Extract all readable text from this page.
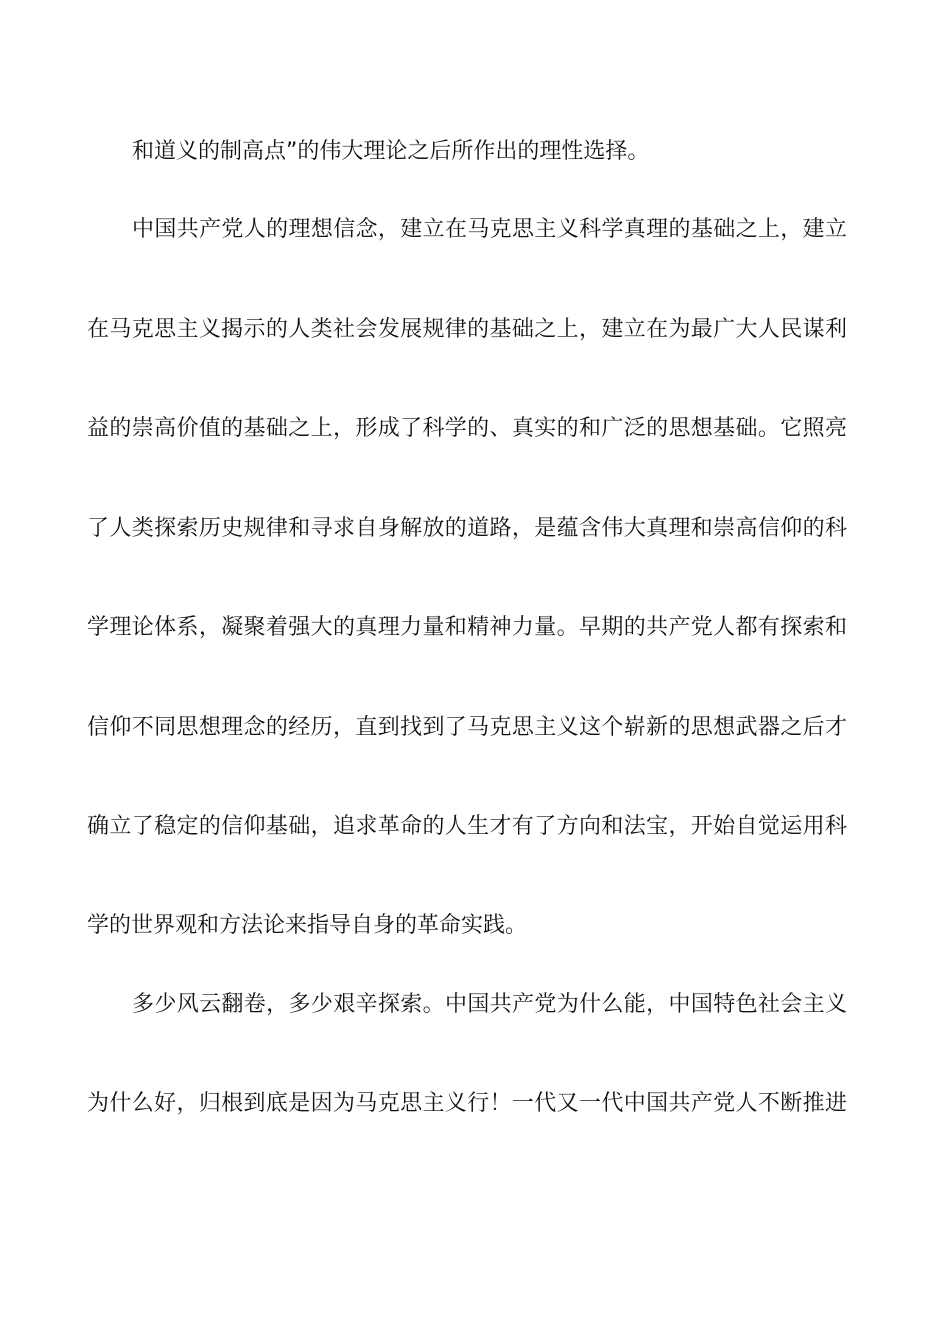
和道义的制高点”的伟大理论之后所作出的理性选择。

中国共产党人的理想信念，建立在马克思主义科学真理的基础之上，建立

在马克思主义揭示的人类社会发展规律的基础之上，建立在为最广大人民谋利

益的崇高价值的基础之上，形成了科学的、真实的和广泛的思想基础。它照亮

了人类探索历史规律和寻求自身解放的道路，是蕴含伟大真理和崇高信仰的科

学理论体系，凝聚着强大的真理力量和精神力量。早期的共产党人都有探索和

信仰不同思想理念的经历，直到找到了马克思主义这个崭新的思想武器之后才

确立了稳定的信仰基础，追求革命的人生才有了方向和法宝，开始自觉运用科

学的世界观和方法论来指导自身的革命实践。

多少风云翻卷，多少艰辛探索。中国共产党为什么能，中国特色社会主义

为什么好，归根到底是因为马克思主义行！一代又一代中国共产党人不断推进
